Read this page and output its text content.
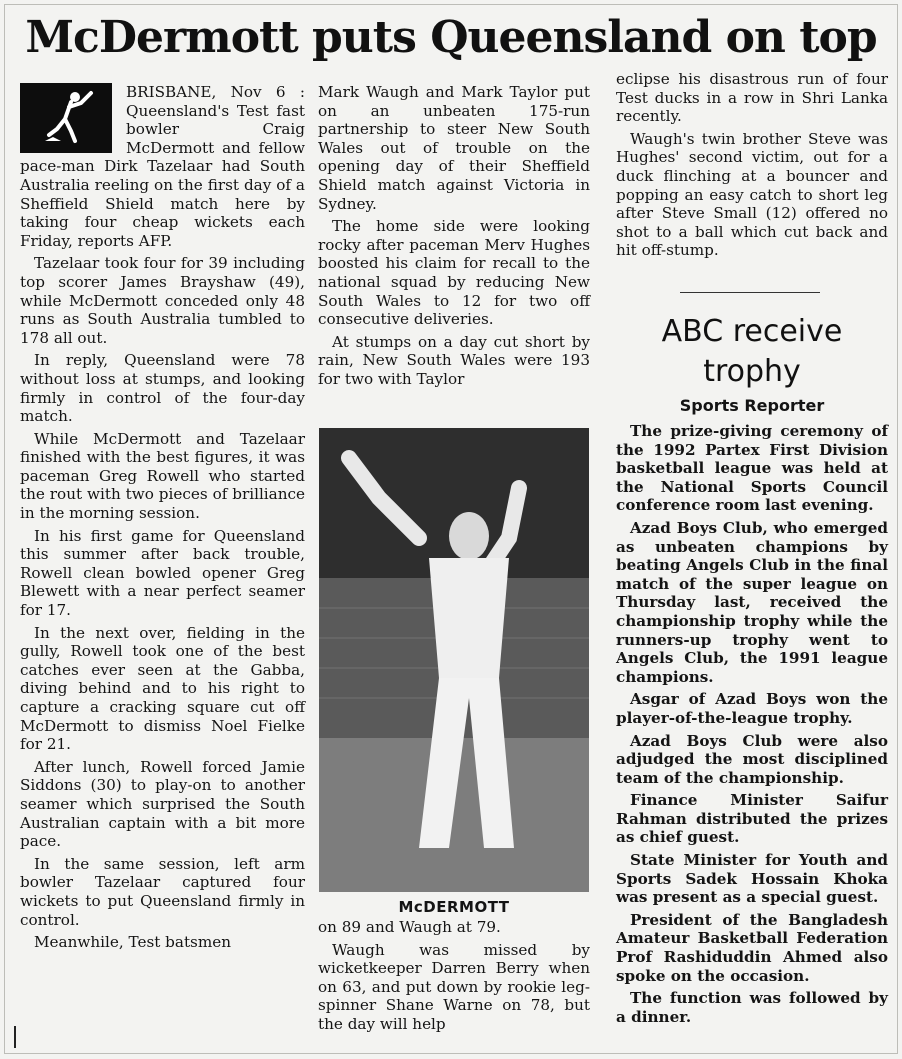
McDermott puts Queensland on top

BRISBANE, Nov 6 : Queensland's Test fast bowler Craig McDermott and fellow pace-man Dirk Tazelaar had South Australia reeling on the first day of a Sheffield Shield match here by taking four cheap wickets each Friday, reports AFP.

Tazelaar took four for 39 including top scorer James Brayshaw (49), while McDermott conceded only 48 runs as South Australia tumbled to 178 all out.

In reply, Queensland were 78 without loss at stumps, and looking firmly in control of the four-day match.

While McDermott and Tazelaar finished with the best figures, it was paceman Greg Rowell who started the rout with two pieces of brilliance in the morning session.

In his first game for Queensland this summer after back trouble, Rowell clean bowled opener Greg Blewett with a near perfect seamer for 17.

In the next over, fielding in the gully, Rowell took one of the best catches ever seen at the Gabba, diving behind and to his right to capture a cracking square cut off McDermott to dismiss Noel Fielke for 21.

After lunch, Rowell forced Jamie Siddons (30) to play-on to another seamer which surprised the South Australian captain with a bit more pace.

In the same session, left arm bowler Tazelaar captured four wickets to put Queensland firmly in control.

Meanwhile, Test batsmen

Mark Waugh and Mark Taylor put on an unbeaten 175-run partnership to steer New South Wales out of trouble on the opening day of their Sheffield Shield match against Victoria in Sydney.

The home side were looking rocky after paceman Merv Hughes boosted his claim for recall to the national squad by reducing New South Wales to 12 for two off consecutive deliveries.

At stumps on a day cut short by rain, New South Wales were 193 for two with Taylor

McDERMOTT

on 89 and Waugh at 79.

Waugh was missed by wicketkeeper Darren Berry when on 63, and put down by rookie leg-spinner Shane Warne on 78, but the day will help

eclipse his disastrous run of four Test ducks in a row in Shri Lanka recently.

Waugh's twin brother Steve was Hughes' second victim, out for a duck flinching at a bouncer and popping an easy catch to short leg after Steve Small (12) offered no shot to a ball which cut back and hit off-stump.

ABC receive trophy
Sports Reporter

The prize-giving ceremony of the 1992 Partex First Division basketball league was held at the National Sports Council conference room last evening.

Azad Boys Club, who emerged as unbeaten champions by beating Angels Club in the final match of the super league on Thursday last, received the championship trophy while the runners-up trophy went to Angels Club, the 1991 league champions.

Asgar of Azad Boys won the player-of-the-league trophy.

Azad Boys Club were also adjudged the most disciplined team of the championship.

Finance Minister Saifur Rahman distributed the prizes as chief guest.

State Minister for Youth and Sports Sadek Hossain Khoka was present as a special guest.

President of the Bangladesh Amateur Basketball Federation Prof Rashiduddin Ahmed also spoke on the occasion.

The function was followed by a dinner.
